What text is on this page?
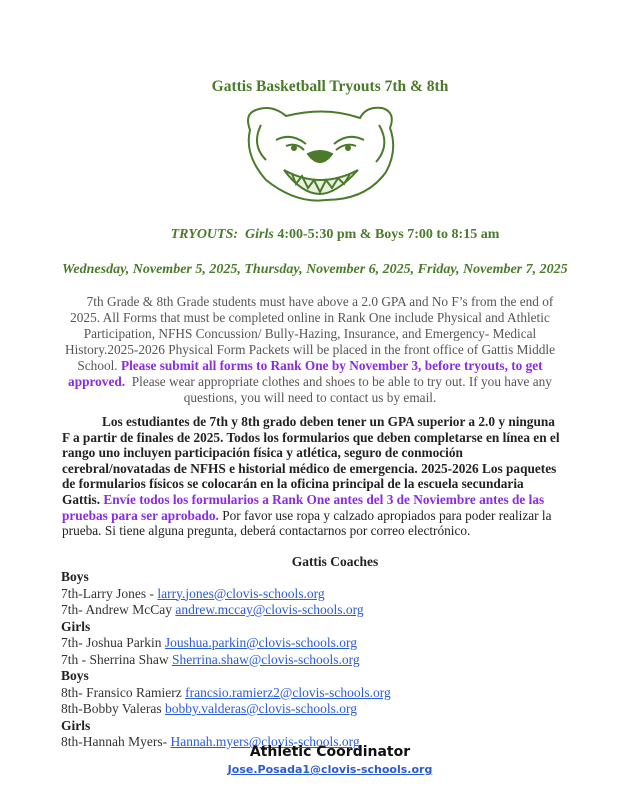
Gattis Basketball Tryouts 7th & 8th
TRYOUTS: Girls 4:00-5:30 pm & Boys 7:00 to 8:15 am
Wednesday, November 5, 2025, Thursday, November 6, 2025, Friday, November 7, 2025
7th Grade & 8th Grade students must have above a 2.0 GPA and No F’s from the end of 2025. All Forms that must be completed online in Rank One include Physical and Athletic Participation, NFHS Concussion/ Bully-Hazing, Insurance, and Emergency- Medical History.2025-2026 Physical Form Packets will be placed in the front office of Gattis Middle School. Please submit all forms to Rank One by November 3, before tryouts, to get approved. Please wear appropriate clothes and shoes to be able to try out. If you have any questions, you will need to contact us by email.
Los estudiantes de 7th y 8th grado deben tener un GPA superior a 2.0 y ninguna F a partir de finales de 2025. Todos los formularios que deben completarse en línea en el rango uno incluyen participación física y atlética, seguro de conmoción cerebral/novatadas de NFHS e historial médico de emergencia. 2025-2026 Los paquetes de formularios físicos se colocarán en la oficina principal de la escuela secundaria Gattis. Envíe todos los formularios a Rank One antes del 3 de Noviembre antes de las pruebas para ser aprobado. Por favor use ropa y calzado apropiados para poder realizar la prueba. Si tiene alguna pregunta, deberá contactarnos por correo electrónico.
Gattis Coaches
Boys
7th-Larry Jones - larry.jones@clovis-schools.org
7th- Andrew McCay andrew.mccay@clovis-schools.org
Girls
7th- Joshua Parkin Joushua.parkin@clovis-schools.org
7th - Sherrina Shaw Sherrina.shaw@clovis-schools.org
Boys
8th- Fransico Ramierz francsio.ramierz2@clovis-schools.org
8th-Bobby Valeras bobby.valderas@clovis-schools.org
Girls
8th-Hannah Myers- Hannah.myers@clovis-schools.org
Athletic Coordinator
Jose.Posada1@clovis-schools.org
